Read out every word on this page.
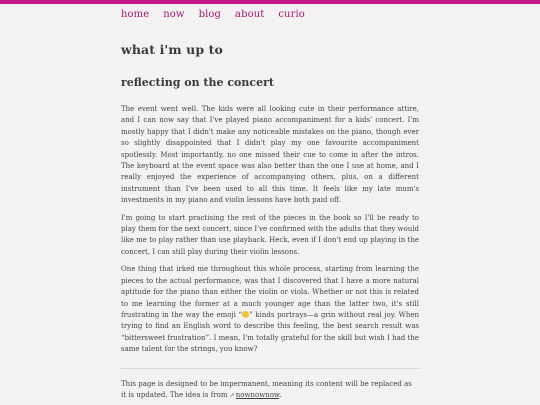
home now blog about curio
what i'm up to
reflecting on the concert

The event went well. The kids were all looking cute in their performance attire, and I can now say that I've played piano accompaniment for a kids' concert. I'm mostly happy that I didn't make any noticeable mistakes on the piano, though ever so slightly disappointed that I didn't play my one favourite accompaniment spotlessly. Most importantly, no one missed their cue to come in after the intros. The keyboard at the event space was also better than the one I use at home, and I really enjoyed the experience of accompanying others, plus, on a different instrument than I've been used to all this time. It feels like my late mum's investments in my piano and violin lessons have both paid off.

I'm going to start practising the rest of the pieces in the book so I'll be ready to play them for the next concert, since I've confirmed with the adults that they would like me to play rather than use playback. Heck, even if I don't end up playing in the concert, I can still play during their violin lessons.

One thing that irked me throughout this whole process, starting from learning the pieces to the actual performance, was that I discovered that I have a more natural aptitude for the piano than either the violin or viola. Whether or not this is related to me learning the former at a much younger age than the latter two, it's still frustrating in the way the emoji “ ” kinds portrays—a grin without real joy. When trying to find an English word to describe this feeling, the best search result was “bittersweet frustration”. I mean, I'm totally grateful for the skill but wish I had the same talent for the strings, you know?

This page is designed to be impermanent, meaning its content will be replaced as it is updated. The idea is from ↗nownownow.
